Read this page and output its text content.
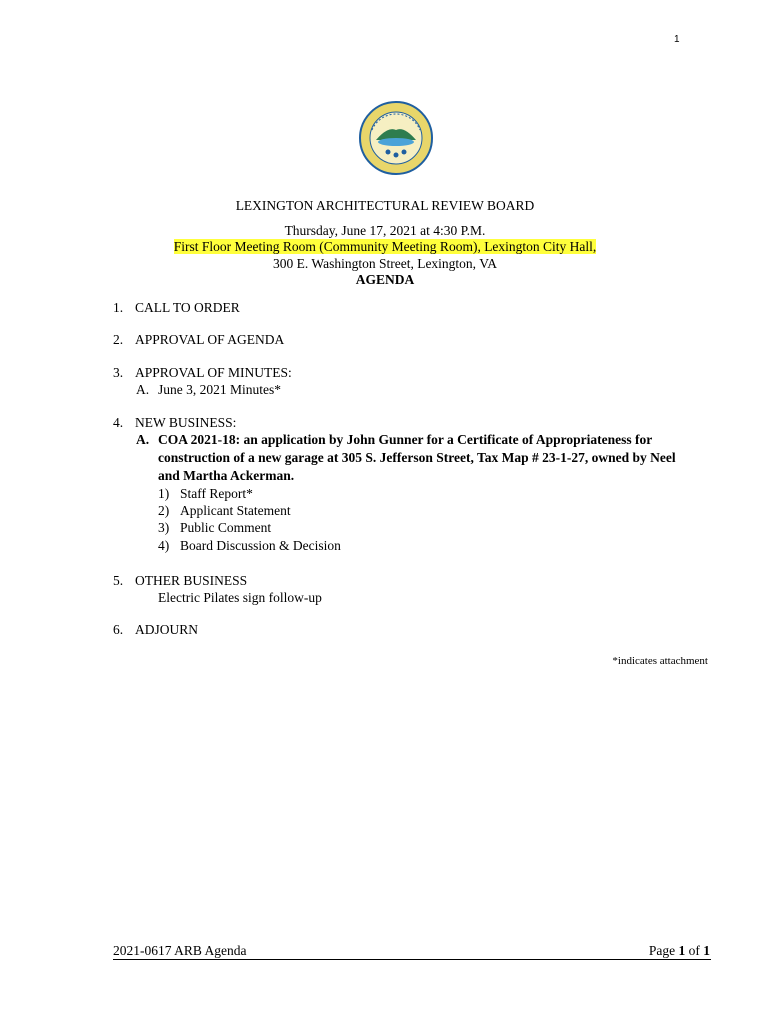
1
LEXINGTON ARCHITECTURAL REVIEW BOARD
Thursday, June 17, 2021 at 4:30 P.M.
First Floor Meeting Room (Community Meeting Room), Lexington City Hall,
300 E. Washington Street, Lexington, VA
AGENDA
1. CALL TO ORDER
2. APPROVAL OF AGENDA
3. APPROVAL OF MINUTES:
A. June 3, 2021 Minutes*
4. NEW BUSINESS:
A. COA 2021-18: an application by John Gunner for a Certificate of Appropriateness for
construction of a new garage at 305 S. Jefferson Street, Tax Map # 23-1-27, owned by Neel
and Martha Ackerman.
1) Staff Report*
2) Applicant Statement
3) Public Comment
4) Board Discussion & Decision
5. OTHER BUSINESS
Electric Pilates sign follow-up
6. ADJOURN
*indicates attachment
2021-0617 ARB Agenda	Page 1 of 1
